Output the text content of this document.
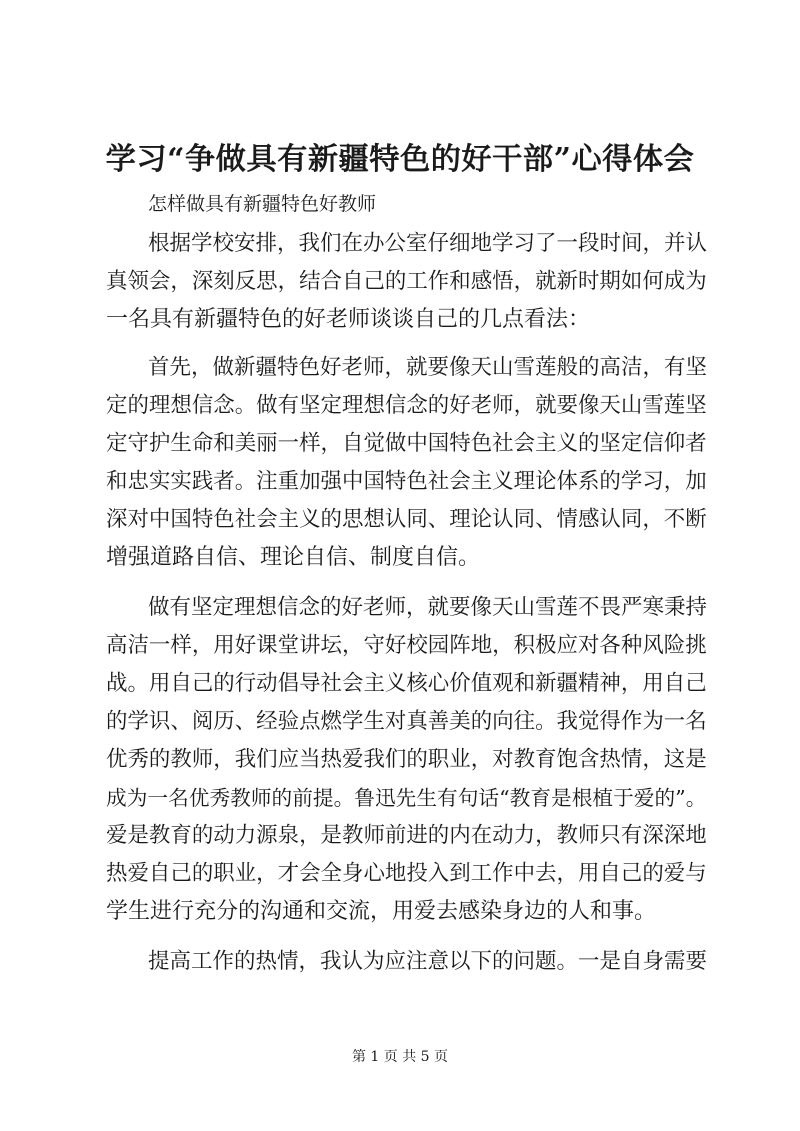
学习“争做具有新疆特色的好干部”心得体会
怎样做具有新疆特色好教师
根据学校安排，我们在办公室仔细地学习了一段时间，并认
真领会，深刻反思，结合自己的工作和感悟，就新时期如何成为
一名具有新疆特色的好老师谈谈自己的几点看法：
首先，做新疆特色好老师，就要像天山雪莲般的高洁，有坚
定的理想信念。做有坚定理想信念的好老师，就要像天山雪莲坚
定守护生命和美丽一样，自觉做中国特色社会主义的坚定信仰者
和忠实实践者。注重加强中国特色社会主义理论体系的学习，加
深对中国特色社会主义的思想认同、理论认同、情感认同，不断
增强道路自信、理论自信、制度自信。
做有坚定理想信念的好老师，就要像天山雪莲不畏严寒秉持
高洁一样，用好课堂讲坛，守好校园阵地，积极应对各种风险挑
战。用自己的行动倡导社会主义核心价值观和新疆精神，用自己
的学识、阅历、经验点燃学生对真善美的向往。我觉得作为一名
优秀的教师，我们应当热爱我们的职业，对教育饱含热情，这是
成为一名优秀教师的前提。鲁迅先生有句话“教育是根植于爱的”。
爱是教育的动力源泉，是教师前进的内在动力，教师只有深深地
热爱自己的职业，才会全身心地投入到工作中去，用自己的爱与
学生进行充分的沟通和交流，用爱去感染身边的人和事。
提高工作的热情，我认为应注意以下的问题。一是自身需要
第 1 页 共 5 页
